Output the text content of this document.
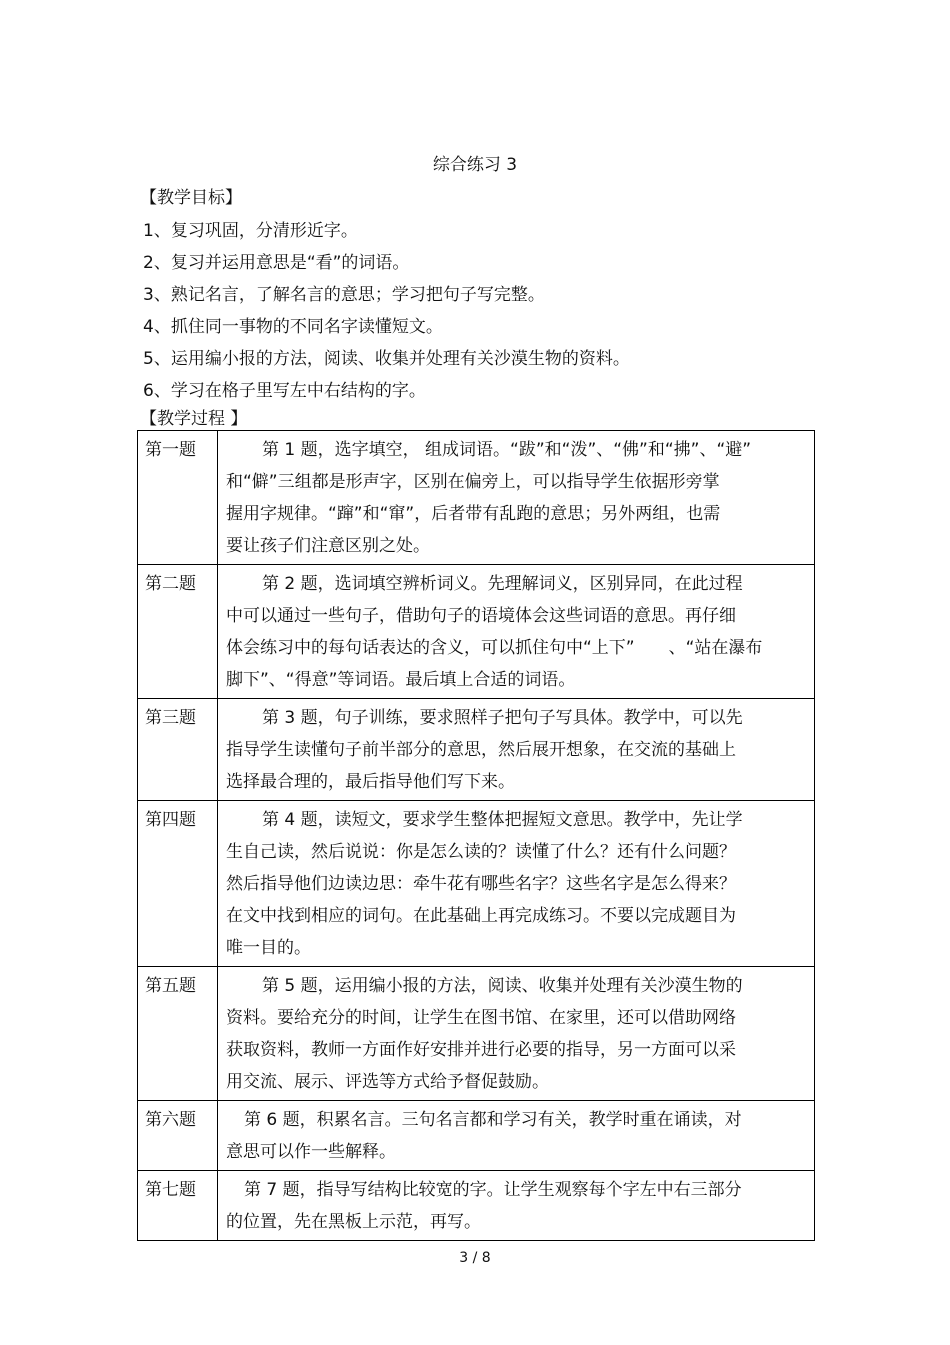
综合练习 3
【教学目标】
1、复习巩固，分清形近字。
2、复习并运用意思是“看”的词语。
3、熟记名言，了解名言的意思；学习把句子写完整。
4、抓住同一事物的不同名字读懂短文。
5、运用编小报的方法，阅读、收集并处理有关沙漠生物的资料。
6、学习在格子里写左中右结构的字。
【教学过程 】
第一题	第 1 题，选字填空， 组成词语。“跋”和“泼”、“佛”和“拂”、“避”
和“僻”三组都是形声字，区别在偏旁上，可以指导学生依据形旁掌
握用字规律。“蹿”和“窜”，后者带有乱跑的意思；另外两组，也需
要让孩子们注意区别之处。

第二题	第 2 题，选词填空辨析词义。先理解词义，区别异同，在此过程
中可以通过一些句子，借助句子的语境体会这些词语的意思。再仔细
体会练习中的每句话表达的含义，可以抓住句中“上下”　　、“站在瀑布
脚下”、“得意”等词语。最后填上合适的词语。

第三题	第 3 题，句子训练，要求照样子把句子写具体。教学中，可以先
指导学生读懂句子前半部分的意思，然后展开想象，在交流的基础上
选择最合理的，最后指导他们写下来。

第四题	第 4 题，读短文，要求学生整体把握短文意思。教学中，先让学
生自己读，然后说说：你是怎么读的？读懂了什么？还有什么问题？
然后指导他们边读边思：牵牛花有哪些名字？这些名字是怎么得来？
在文中找到相应的词句。在此基础上再完成练习。不要以完成题目为
唯一目的。

第五题	第 5 题，运用编小报的方法，阅读、收集并处理有关沙漠生物的
资料。要给充分的时间，让学生在图书馆、在家里，还可以借助网络
获取资料，教师一方面作好安排并进行必要的指导，另一方面可以采
用交流、展示、评选等方式给予督促鼓励。

第六题	第 6 题，积累名言。三句名言都和学习有关，教学时重在诵读，对
意思可以作一些解释。

第七题	第 7 题，指导写结构比较宽的字。让学生观察每个字左中右三部分
的位置，先在黑板上示范，再写。
3 / 8
